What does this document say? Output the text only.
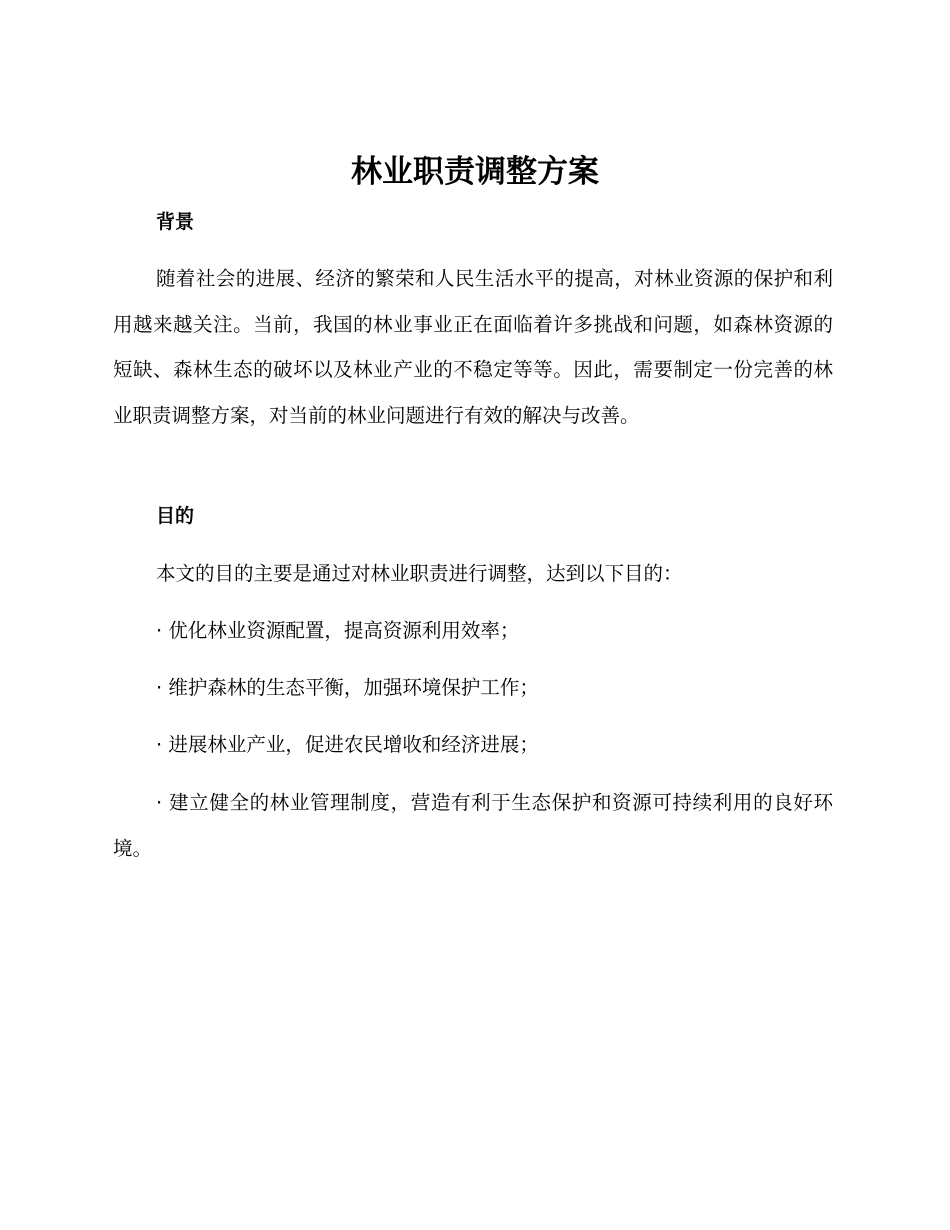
林业职责调整方案
背景

随着社会的进展、经济的繁荣和人民生活水平的提高，对林业资源的保护和利用越来越关注。当前，我国的林业事业正在面临着许多挑战和问题，如森林资源的短缺、森林生态的破坏以及林业产业的不稳定等等。因此，需要制定一份完善的林业职责调整方案，对当前的林业问题进行有效的解决与改善。

目的

本文的目的主要是通过对林业职责进行调整，达到以下目的：

· 优化林业资源配置，提高资源利用效率；

· 维护森林的生态平衡，加强环境保护工作；

· 进展林业产业，促进农民增收和经济进展；

· 建立健全的林业管理制度，营造有利于生态保护和资源可持续利用的良好环境。
